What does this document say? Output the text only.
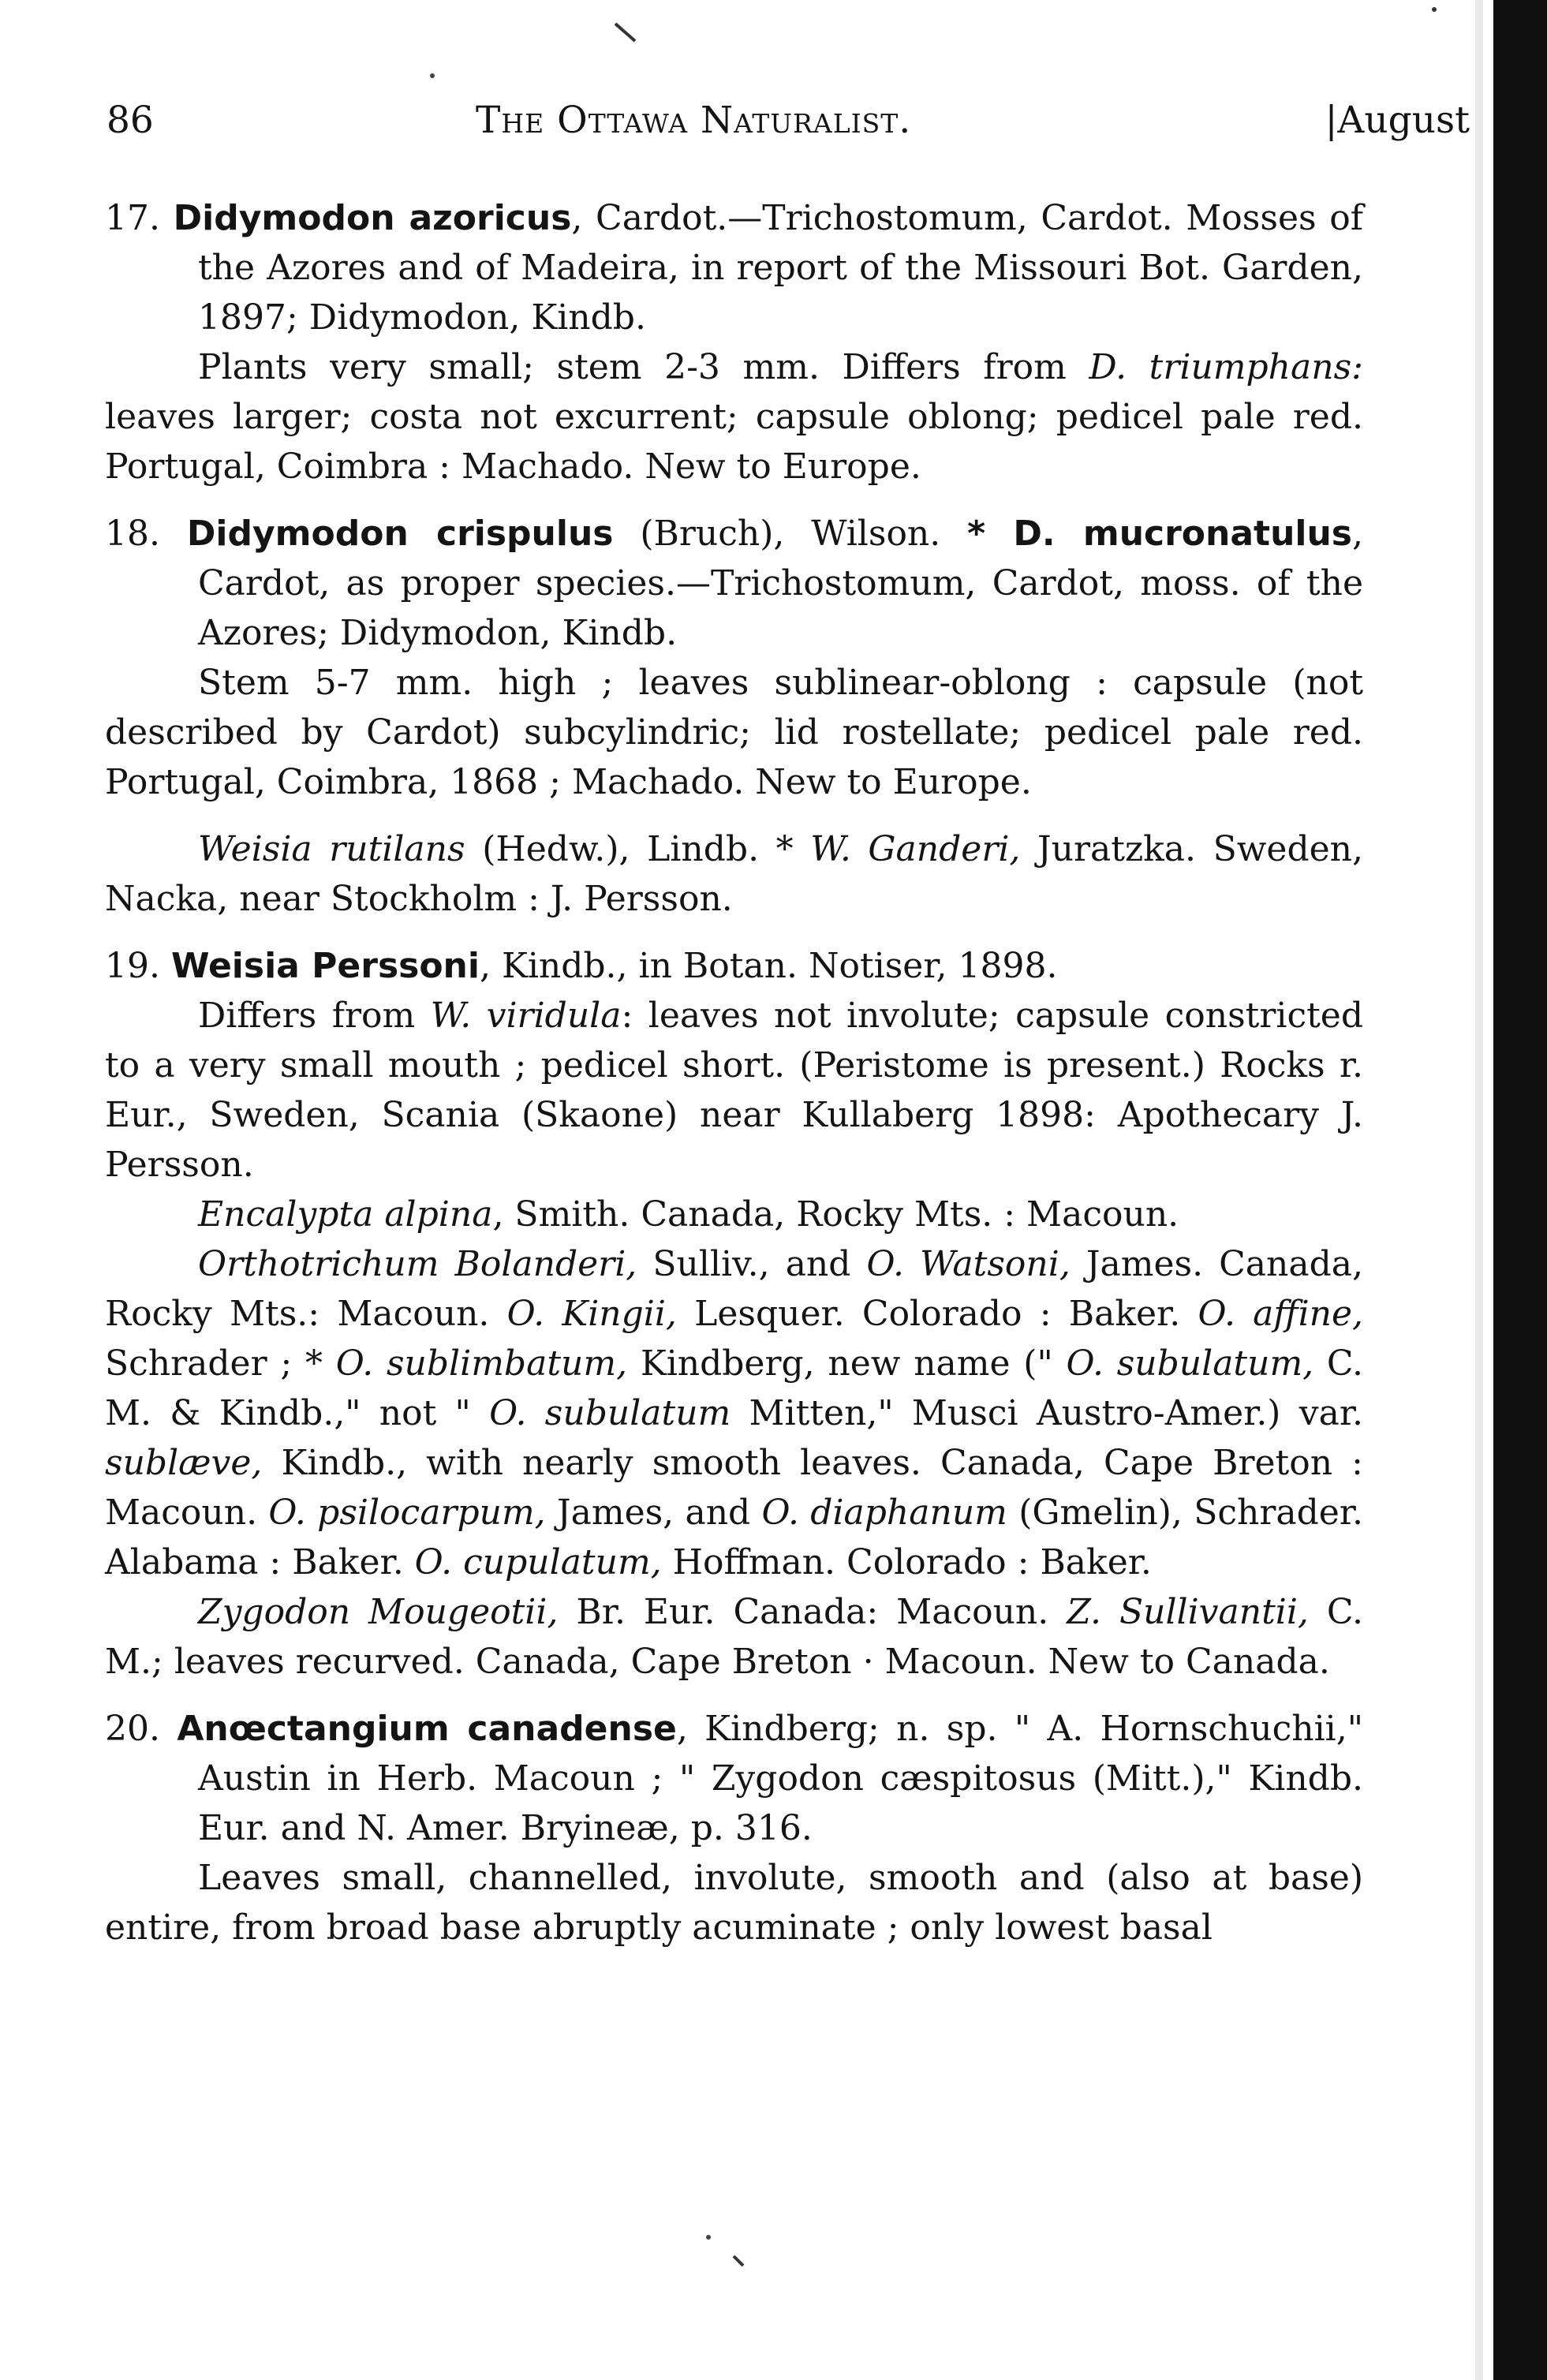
86	The Ottawa Naturalist.	|August

17. Didymodon azoricus, Cardot.—Trichostomum, Cardot. Mosses of the Azores and of Madeira, in report of the Missouri Bot. Garden, 1897; Didymodon, Kindb.

Plants very small; stem 2-3 mm. Differs from D. triumphans: leaves larger; costa not excurrent; capsule oblong; pedicel pale red. Portugal, Coimbra : Machado. New to Europe.

18. Didymodon crispulus (Bruch), Wilson. * D. mucronatulus, Cardot, as proper species.—Trichostomum, Cardot, moss. of the Azores; Didymodon, Kindb.

Stem 5-7 mm. high ; leaves sublinear-oblong : capsule (not described by Cardot) subcylindric; lid rostellate; pedicel pale red. Portugal, Coimbra, 1868 ; Machado. New to Europe.

Weisia rutilans (Hedw.), Lindb. * W. Ganderi, Juratzka. Sweden, Nacka, near Stockholm : J. Persson.

19. Weisia Perssoni, Kindb., in Botan. Notiser, 1898.

Differs from W. viridula: leaves not involute; capsule constricted to a very small mouth ; pedicel short. (Peristome is present.) Rocks r. Eur., Sweden, Scania (Skaone) near Kullaberg 1898: Apothecary J. Persson.

Encalypta alpina, Smith. Canada, Rocky Mts. : Macoun.

Orthotrichum Bolanderi, Sulliv., and O. Watsoni, James. Canada, Rocky Mts.: Macoun. O. Kingii, Lesquer. Colorado : Baker. O. affine, Schrader ; * O. sublimbatum, Kindberg, new name (" O. subulatum, C. M. & Kindb.," not " O. subulatum Mitten," Musci Austro-Amer.) var. sublæve, Kindb., with nearly smooth leaves. Canada, Cape Breton : Macoun. O. psilocarpum, James, and O. diaphanum (Gmelin), Schrader. Alabama : Baker. O. cupulatum, Hoffman. Colorado : Baker.

Zygodon Mougeotii, Br. Eur. Canada: Macoun. Z. Sullivantii, C. M.; leaves recurved. Canada, Cape Breton · Macoun. New to Canada.

20. Anœctangium canadense, Kindberg; n. sp. " A. Hornschuchii," Austin in Herb. Macoun ; " Zygodon cæspitosus (Mitt.)," Kindb. Eur. and N. Amer. Bryineæ, p. 316.

Leaves small, channelled, involute, smooth and (also at base) entire, from broad base abruptly acuminate ; only lowest basal
